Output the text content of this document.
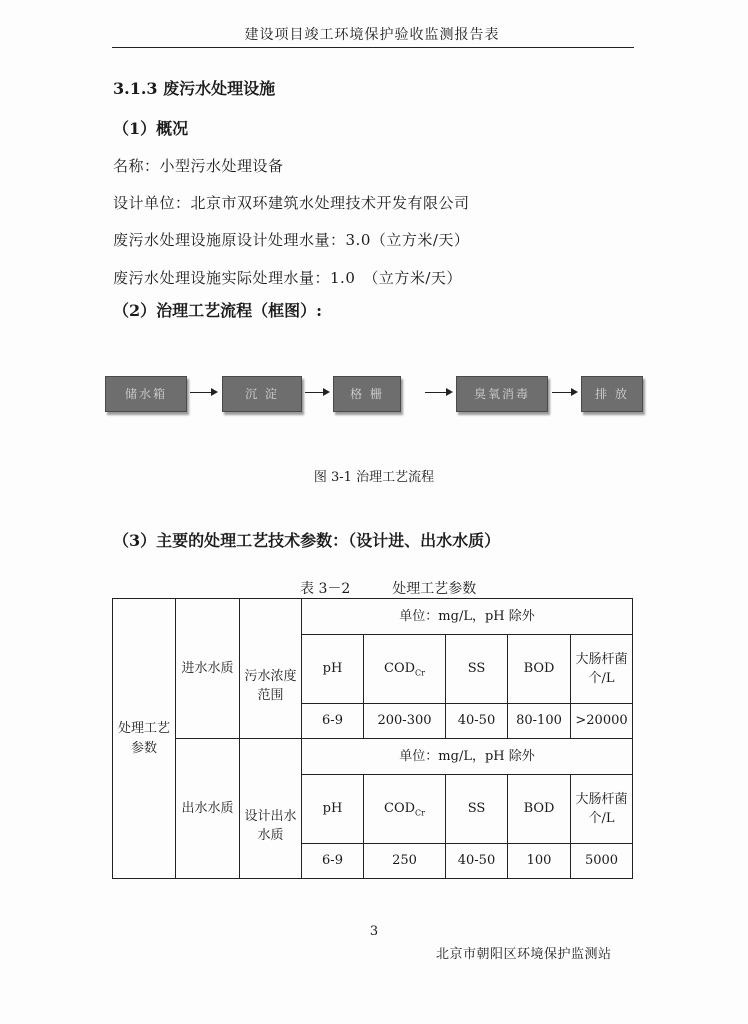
建设项目竣工环境保护验收监测报告表
3.1.3 废污水处理设施
（1）概况
名称：小型污水处理设备
设计单位：北京市双环建筑水处理技术开发有限公司
废污水处理设施原设计处理水量：3.0（立方米/天）
废污水处理设施实际处理水量：1.0　（立方米/天）
（2）治理工艺流程（框图）:
储水箱	沉 淀	格 栅	臭氧消毒	排 放
图 3-1 治理工艺流程
（3）主要的处理工艺技术参数：（设计进、出水水质）
表 3－2	处理工艺参数
处理工艺参数	进水水质		单位：mg/L，pH 除外				
		污水浓度范围	pH	$COD_{Cr}$	SS	BOD	大肠杆菌个/L
			6-9	200-300	40-50	80-100	>20000
	出水水质		单位：mg/L，pH 除外				
		设计出水水质	pH	$COD_{Cr}$	SS	BOD	大肠杆菌个/L
			6-9	250	40-50	100	5000
3
北京市朝阳区环境保护监测站
